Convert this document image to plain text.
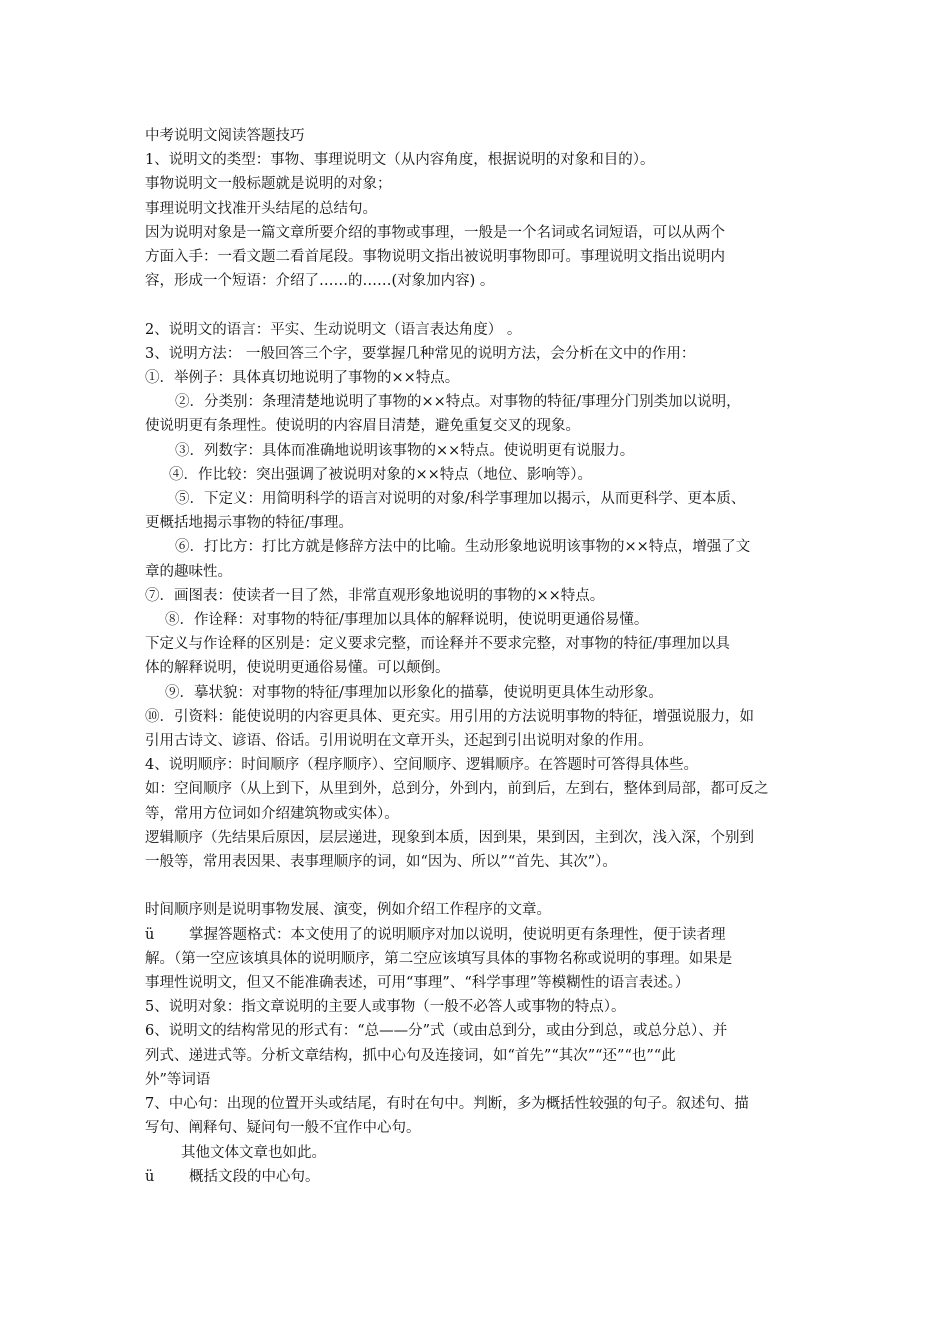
中考说明文阅读答题技巧
1、说明文的类型：事物、事理说明文（从内容角度，根据说明的对象和目的）。
事物说明文一般标题就是说明的对象；
事理说明文找准开头结尾的总结句。
因为说明对象是一篇文章所要介绍的事物或事理，一般是一个名词或名词短语，可以从两个
方面入手：一看文题二看首尾段。事物说明文指出被说明事物即可。事理说明文指出说明内
容，形成一个短语：介绍了……的……(对象加内容) 。
2、说明文的语言：平实、生动说明文（语言表达角度） 。
3、说明方法： 一般回答三个字，要掌握几种常见的说明方法，会分析在文中的作用：
①．举例子：具体真切地说明了事物的××特点。
②．分类别：条理清楚地说明了事物的××特点。对事物的特征/事理分门别类加以说明，
使说明更有条理性。使说明的内容眉目清楚，避免重复交叉的现象。
③．列数字：具体而准确地说明该事物的××特点。使说明更有说服力。
④．作比较：突出强调了被说明对象的××特点（地位、影响等）。
⑤．下定义：用简明科学的语言对说明的对象/科学事理加以揭示，从而更科学、更本质、
更概括地揭示事物的特征/事理。
⑥．打比方：打比方就是修辞方法中的比喻。生动形象地说明该事物的××特点，增强了文
章的趣味性。
⑦．画图表：使读者一目了然，非常直观形象地说明的事物的××特点。
⑧．作诠释：对事物的特征/事理加以具体的解释说明，使说明更通俗易懂。
下定义与作诠释的区别是：定义要求完整，而诠释并不要求完整，对事物的特征/事理加以具
体的解释说明，使说明更通俗易懂。可以颠倒。
⑨．摹状貌：对事物的特征/事理加以形象化的描摹，使说明更具体生动形象。
⑩．引资料：能使说明的内容更具体、更充实。用引用的方法说明事物的特征，增强说服力，如
引用古诗文、谚语、俗话。引用说明在文章开头，还起到引出说明对象的作用。
4、说明顺序：时间顺序（程序顺序）、空间顺序、逻辑顺序。在答题时可答得具体些。
如：空间顺序（从上到下，从里到外，总到分，外到内，前到后，左到右，整体到局部，都可反之
等，常用方位词如介绍建筑物或实体）。
逻辑顺序（先结果后原因，层层递进，现象到本质，因到果，果到因，主到次，浅入深，个别到
一般等，常用表因果、表事理顺序的词，如“因为、所以”“首先、其次”）。
时间顺序则是说明事物发展、演变，例如介绍工作程序的文章。
ü 掌握答题格式：本文使用了的说明顺序对加以说明，使说明更有条理性，便于读者理
解。（第一空应该填具体的说明顺序，第二空应该填写具体的事物名称或说明的事理。如果是
事理性说明文，但又不能准确表述，可用“事理”、“科学事理”等模糊性的语言表述。）
5、说明对象：指文章说明的主要人或事物（一般不必答人或事物的特点）。
6、说明文的结构常见的形式有：“总——分”式（或由总到分，或由分到总，或总分总）、并
列式、递进式等。分析文章结构，抓中心句及连接词，如“首先”“其次”“还”“也”“此
外”等词语
7、中心句：出现的位置开头或结尾，有时在句中。判断，多为概括性较强的句子。叙述句、描
写句、阐释句、疑问句一般不宜作中心句。
其他文体文章也如此。
ü 概括文段的中心句。
